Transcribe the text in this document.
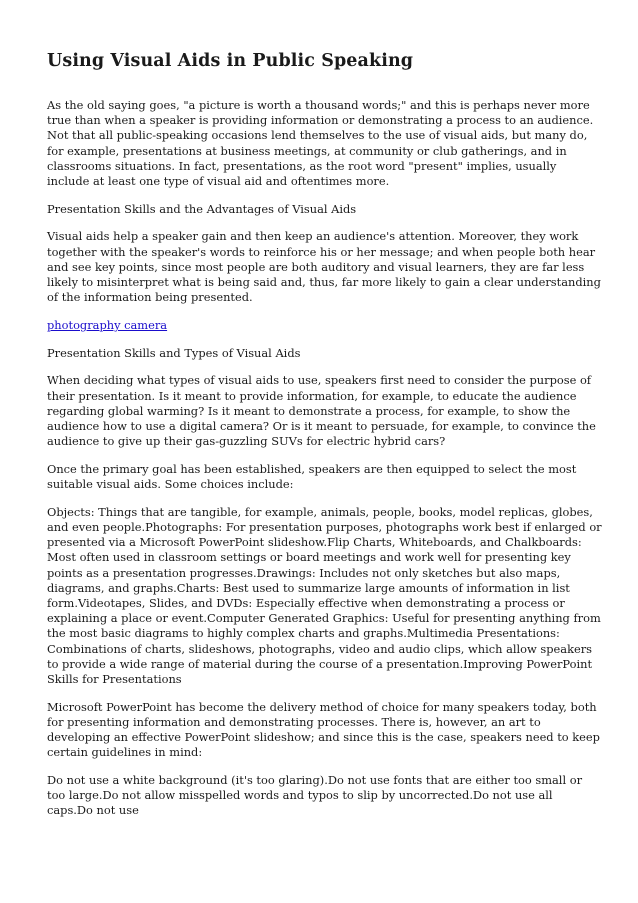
Using Visual Aids in Public Speaking

As the old saying goes, "a picture is worth a thousand words;" and this is perhaps never more true than when a speaker is providing information or demonstrating a process to an audience. Not that all public-speaking occasions lend themselves to the use of visual aids, but many do, for example, presentations at business meetings, at community or club gatherings, and in classrooms situations. In fact, presentations, as the root word "present" implies, usually include at least one type of visual aid and oftentimes more.

Presentation Skills and the Advantages of Visual Aids

Visual aids help a speaker gain and then keep an audience's attention. Moreover, they work together with the speaker's words to reinforce his or her message; and when people both hear and see key points, since most people are both auditory and visual learners, they are far less likely to misinterpret what is being said and, thus, far more likely to gain a clear understanding of the information being presented.

photography camera

Presentation Skills and Types of Visual Aids

When deciding what types of visual aids to use, speakers first need to consider the purpose of their presentation. Is it meant to provide information, for example, to educate the audience regarding global warming? Is it meant to demonstrate a process, for example, to show the audience how to use a digital camera? Or is it meant to persuade, for example, to convince the audience to give up their gas-guzzling SUVs for electric hybrid cars?

Once the primary goal has been established, speakers are then equipped to select the most suitable visual aids. Some choices include:

Objects: Things that are tangible, for example, animals, people, books, model replicas, globes, and even people.Photographs: For presentation purposes, photographs work best if enlarged or presented via a Microsoft PowerPoint slideshow.Flip Charts, Whiteboards, and Chalkboards: Most often used in classroom settings or board meetings and work well for presenting key points as a presentation progresses.Drawings: Includes not only sketches but also maps, diagrams, and graphs.Charts: Best used to summarize large amounts of information in list form.Videotapes, Slides, and DVDs: Especially effective when demonstrating a process or explaining a place or event.Computer Generated Graphics: Useful for presenting anything from the most basic diagrams to highly complex charts and graphs.Multimedia Presentations: Combinations of charts, slideshows, photographs, video and audio clips, which allow speakers to provide a wide range of material during the course of a presentation.Improving PowerPoint Skills for Presentations

Microsoft PowerPoint has become the delivery method of choice for many speakers today, both for presenting information and demonstrating processes. There is, however, an art to developing an effective PowerPoint slideshow; and since this is the case, speakers need to keep certain guidelines in mind:

Do not use a white background (it's too glaring).Do not use fonts that are either too small or too large.Do not allow misspelled words and typos to slip by uncorrected.Do not use all caps.Do not use
